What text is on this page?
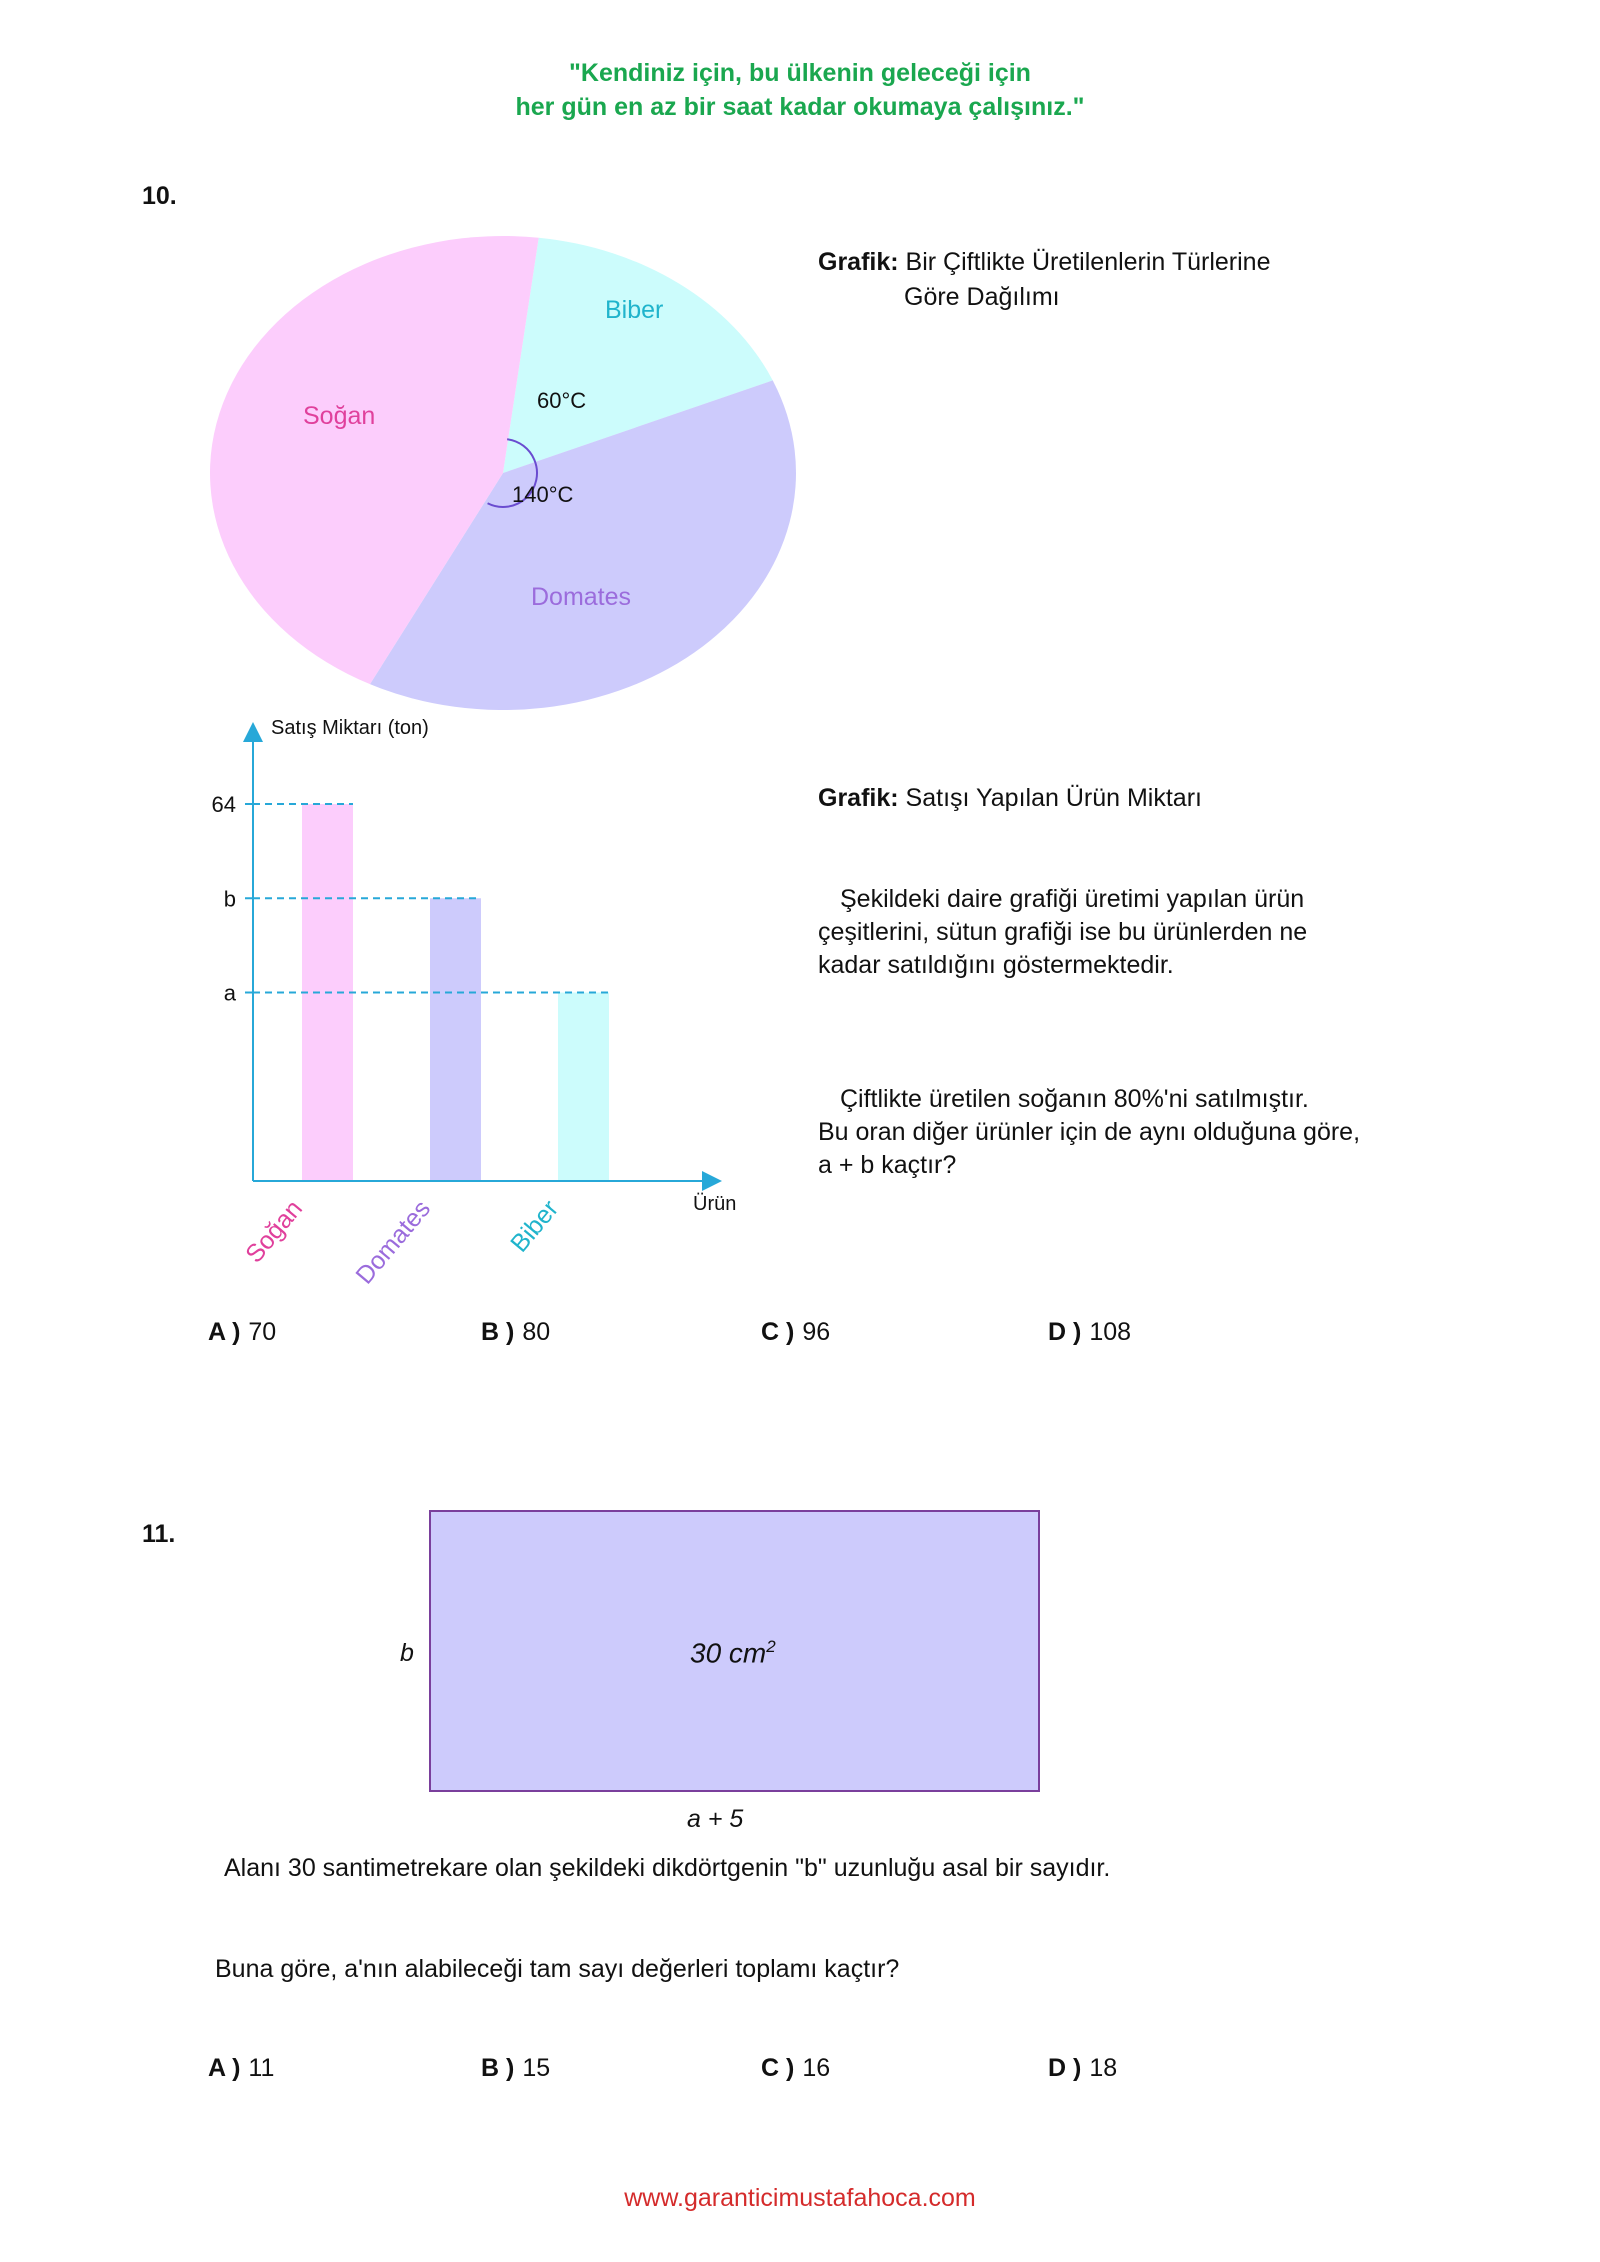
"Kendiniz için, bu ülkenin geleceği için
her gün en az bir saat kadar okumaya çalışınız."
10.
Soğan
Biber
Domates
60°C
140°C
Grafik: Bir Çiftlikte Üretilenlerin Türlerine
Göre Dağılımı
Satış Miktarı (ton)
Ürün
64
b
a
Soğan Domates	Biber
Grafik: Satışı Yapılan Ürün Miktarı
Şekildeki daire grafiği üretimi yapılan ürün
çeşitlerini, sütun grafiği ise bu ürünlerden ne
kadar satıldığını göstermektedir.
Çiftlikte üretilen soğanın 80%'ni satılmıştır.
Bu oran diğer ürünler için de aynı olduğuna göre,
a + b kaçtır?
A ) 70	B ) 80	C ) 96	D ) 108
11.
b	30 $cm^2$
a + 5
Alanı 30 santimetrekare olan şekildeki dikdörtgenin "b" uzunluğu asal bir sayıdır.
Buna göre, a'nın alabileceği tam sayı değerleri toplamı kaçtır?
A ) 11	B ) 15	C ) 16	D ) 18
www.garanticimustafahoca.com
